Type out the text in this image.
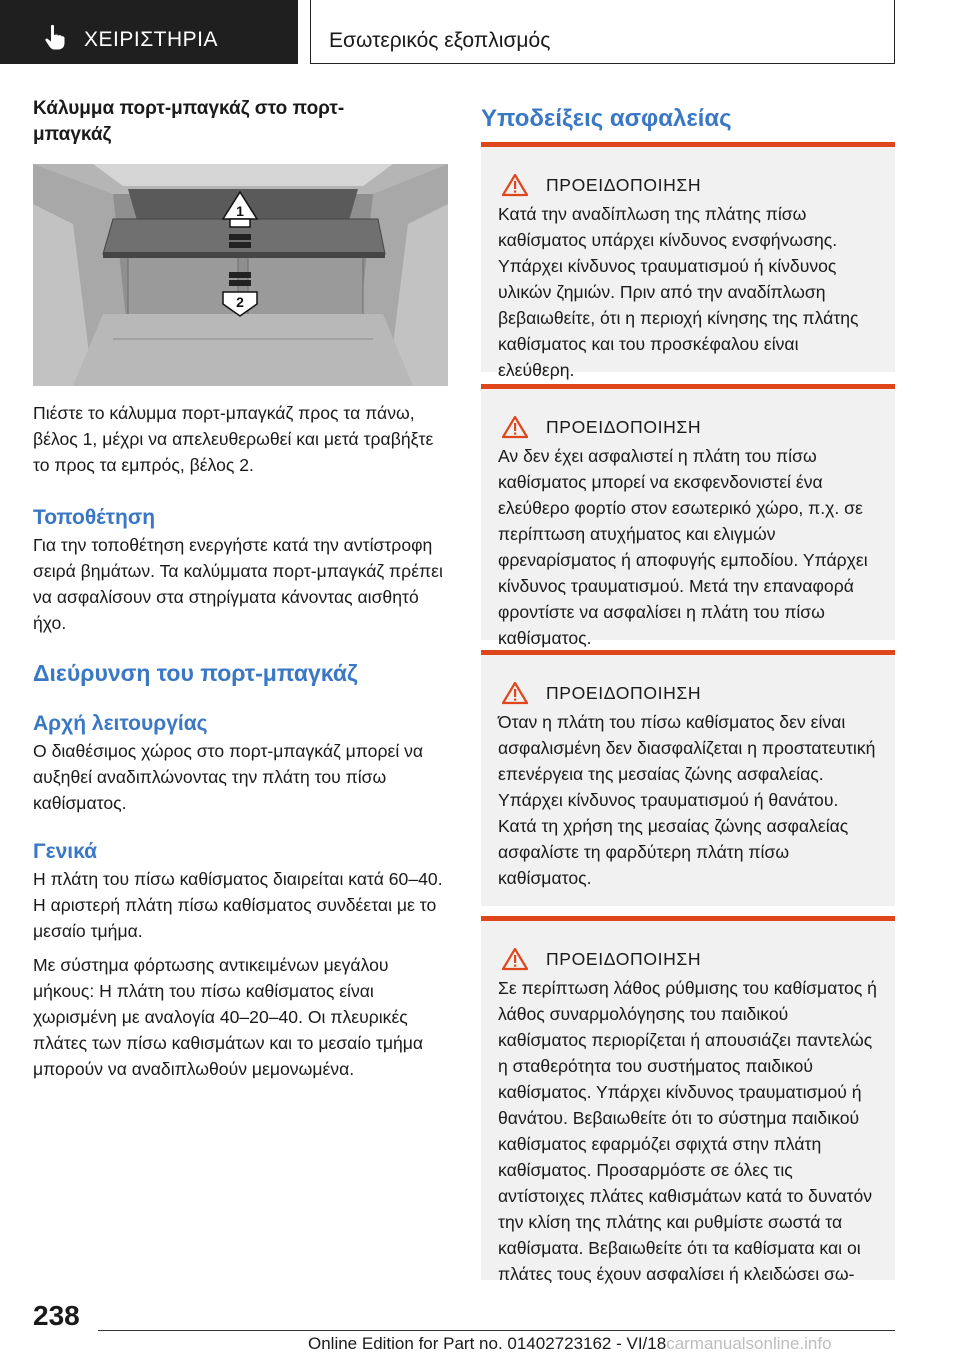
ΧΕΙΡΙΣΤΗΡΙΑ	Εσωτερικός εξοπλισμός

Κάλυμμα πορτ-μπαγκάζ στο πορτ-μπαγκάζ

1
2

Πιέστε το κάλυμμα πορτ-μπαγκάζ προς τα πάνω, βέλος 1, μέχρι να απελευθερωθεί και μετά τραβήξτε το προς τα εμπρός, βέλος 2.

Τοποθέτηση

Για την τοποθέτηση ενεργήστε κατά την αντίστροφη σειρά βημάτων. Τα καλύμματα πορτ-μπαγκάζ πρέπει να ασφαλίσουν στα στηρίγματα κάνοντας αισθητό ήχο.

Διεύρυνση του πορτ-μπαγκάζ

Αρχή λειτουργίας

Ο διαθέσιμος χώρος στο πορτ-μπαγκάζ μπορεί να αυξηθεί αναδιπλώνοντας την πλάτη του πίσω καθίσματος.

Γενικά

Η πλάτη του πίσω καθίσματος διαιρείται κατά 60–40. Η αριστερή πλάτη πίσω καθίσματος συνδέεται με το μεσαίο τμήμα.

Με σύστημα φόρτωσης αντικειμένων μεγάλου μήκους: Η πλάτη του πίσω καθίσματος είναι χωρισμένη με αναλογία 40–20–40. Οι πλευρικές πλάτες των πίσω καθισμάτων και το μεσαίο τμήμα μπορούν να αναδιπλωθούν μεμονωμένα.

Υποδείξεις ασφαλείας

ΠΡΟΕΙΔΟΠΟΙΗΣΗ

Κατά την αναδίπλωση της πλάτης πίσω καθίσματος υπάρχει κίνδυνος ενσφήνωσης. Υπάρχει κίνδυνος τραυματισμού ή κίνδυνος υλικών ζημιών. Πριν από την αναδίπλωση βεβαιωθείτε, ότι η περιοχή κίνησης της πλάτης καθίσματος και του προσκέφαλου είναι ελεύθερη.

ΠΡΟΕΙΔΟΠΟΙΗΣΗ

Αν δεν έχει ασφαλιστεί η πλάτη του πίσω καθίσματος μπορεί να εκσφενδονιστεί ένα ελεύθερο φορτίο στον εσωτερικό χώρο, π.χ. σε περίπτωση ατυχήματος και ελιγμών φρεναρίσματος ή αποφυγής εμποδίου. Υπάρχει κίνδυνος τραυματισμού. Μετά την επαναφορά φροντίστε να ασφαλίσει η πλάτη του πίσω καθίσματος.

ΠΡΟΕΙΔΟΠΟΙΗΣΗ

Όταν η πλάτη του πίσω καθίσματος δεν είναι ασφαλισμένη δεν διασφαλίζεται η προστατευτική επενέργεια της μεσαίας ζώνης ασφαλείας. Υπάρχει κίνδυνος τραυματισμού ή θανάτου. Κατά τη χρήση της μεσαίας ζώνης ασφαλείας ασφαλίστε τη φαρδύτερη πλάτη πίσω καθίσματος.

ΠΡΟΕΙΔΟΠΟΙΗΣΗ

Σε περίπτωση λάθος ρύθμισης του καθίσματος ή λάθος συναρμολόγησης του παιδικού καθίσματος περιορίζεται ή απουσιάζει παντελώς η σταθερότητα του συστήματος παιδικού καθίσματος. Υπάρχει κίνδυνος τραυματισμού ή θανάτου. Βεβαιωθείτε ότι το σύστημα παιδικού καθίσματος εφαρμόζει σφιχτά στην πλάτη καθίσματος. Προσαρμόστε σε όλες τις αντίστοιχες πλάτες καθισμάτων κατά το δυνατόν την κλίση της πλάτης και ρυθμίστε σωστά τα καθίσματα. Βεβαιωθείτε ότι τα καθίσματα και οι πλάτες τους έχουν ασφαλίσει ή κλειδώσει σω-

238
Online Edition for Part no. 01402723162 - VI/18carmanualsonline.info
